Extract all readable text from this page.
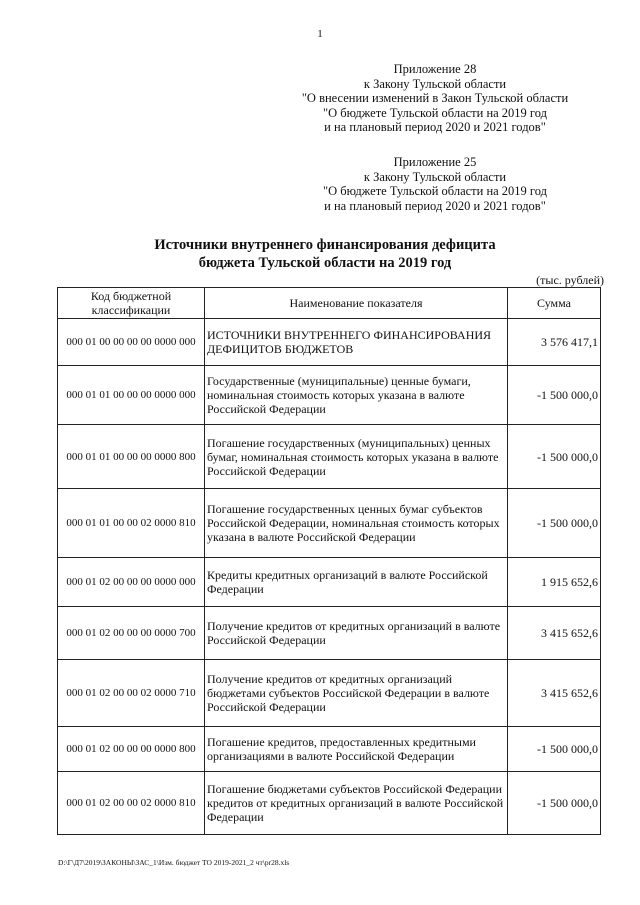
1
Приложение 28
к Закону Тульской области
"О внесении изменений в Закон Тульской области
"О бюджете Тульской области на 2019 год
и на плановый период 2020 и 2021 годов"
Приложение 25
к Закону Тульской области
"О бюджете Тульской области на 2019 год
и на плановый период 2020 и 2021 годов"
Источники внутреннего финансирования дефицита
бюджета Тульской области на 2019 год
(тыс. рублей)
Код бюджетной классификации	Наименование показателя	Сумма
000 01 00 00 00 00 0000 000	ИСТОЧНИКИ ВНУТРЕННЕГО ФИНАНСИРОВАНИЯ ДЕФИЦИТОВ БЮДЖЕТОВ	3 576 417,1
000 01 01 00 00 00 0000 000	Государственные (муниципальные) ценные бумаги, номинальная стоимость которых указана в валюте Российской Федерации	-1 500 000,0
000 01 01 00 00 00 0000 800	Погашение государственных (муниципальных) ценных бумаг, номинальная стоимость которых указана в валюте Российской Федерации	-1 500 000,0
000 01 01 00 00 02 0000 810	Погашение государственных ценных бумаг субъектов Российской Федерации, номинальная стоимость которых указана в валюте Российской Федерации	-1 500 000,0
000 01 02 00 00 00 0000 000	Кредиты кредитных организаций в валюте Российской Федерации	1 915 652,6
000 01 02 00 00 00 0000 700	Получение кредитов от кредитных организаций в валюте Российской Федерации	3 415 652,6
000 01 02 00 00 02 0000 710	Получение кредитов от кредитных организаций бюджетами субъектов Российской Федерации в валюте Российской Федерации	3 415 652,6
000 01 02 00 00 00 0000 800	Погашение кредитов, предоставленных кредитными организациями в валюте Российской Федерации	-1 500 000,0
000 01 02 00 00 02 0000 810	Погашение бюджетами субъектов Российской Федерации кредитов от кредитных организаций в валюте Российской Федерации	-1 500 000,0
D:\Г\Д7\2019\ЗАКОНЫ\ЗАС_1\Изм. бюджет ТО 2019-2021_2 чт\pr28.xls
